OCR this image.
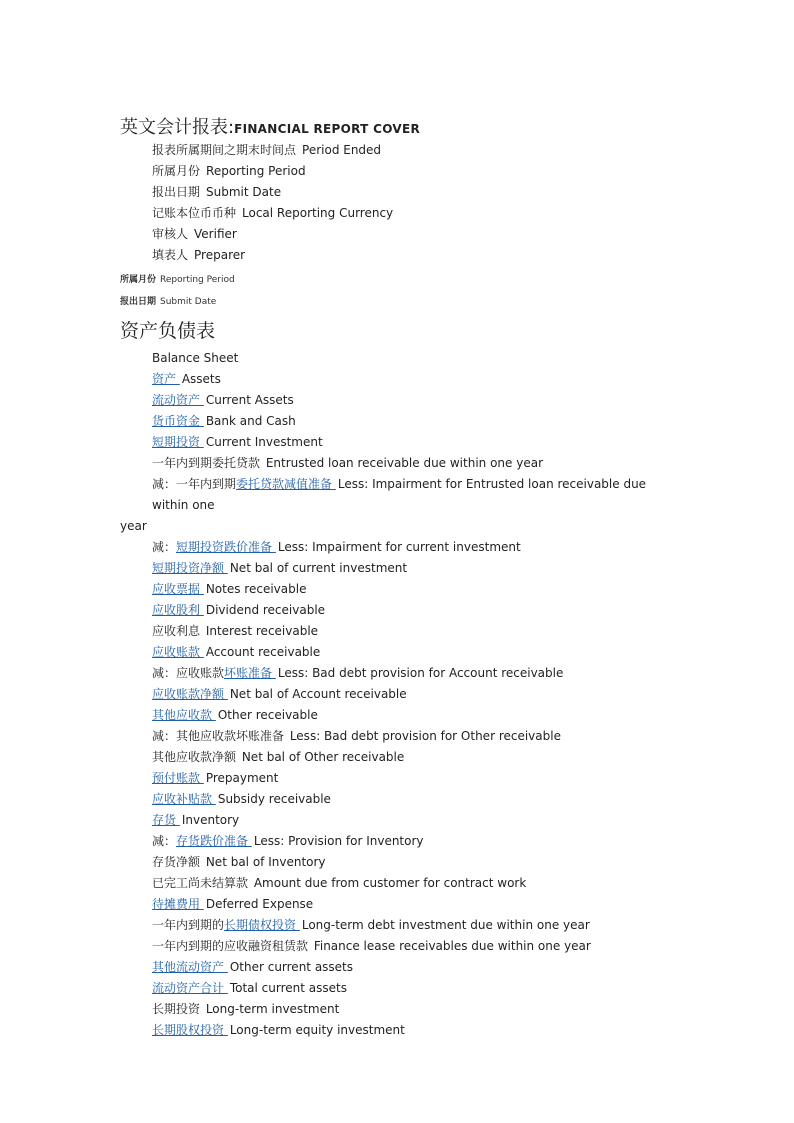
英文会计报表:FINANCIAL REPORT COVER
报表所属期间之期末时间点 Period Ended
所属月份 Reporting Period
报出日期 Submit Date
记账本位币币种 Local Reporting Currency
审核人 Verifier
填表人 Preparer
所属月份 Reporting Period
报出日期 Submit Date
资产负债表
Balance Sheet
资产 Assets
流动资产 Current Assets
货币资金 Bank and Cash
短期投资 Current Investment
一年内到期委托贷款 Entrusted loan receivable due within one year
减：一年内到期委托贷款减值准备 Less: Impairment for Entrusted loan receivable due within one
year
减：短期投资跌价准备 Less: Impairment for current investment
短期投资净额 Net bal of current investment
应收票据 Notes receivable
应收股利 Dividend receivable
应收利息 Interest receivable
应收账款 Account receivable
减：应收账款坏账准备 Less: Bad debt provision for Account receivable
应收账款净额 Net bal of Account receivable
其他应收款 Other receivable
减：其他应收款坏账准备 Less: Bad debt provision for Other receivable
其他应收款净额 Net bal of Other receivable
预付账款 Prepayment
应收补贴款 Subsidy receivable
存货 Inventory
减：存货跌价准备 Less: Provision for Inventory
存货净额 Net bal of Inventory
已完工尚未结算款 Amount due from customer for contract work
待摊费用 Deferred Expense
一年内到期的长期债权投资 Long-term debt investment due within one year
一年内到期的应收融资租赁款 Finance lease receivables due within one year
其他流动资产 Other current assets
流动资产合计 Total current assets
长期投资 Long-term investment
长期股权投资 Long-term equity investment
